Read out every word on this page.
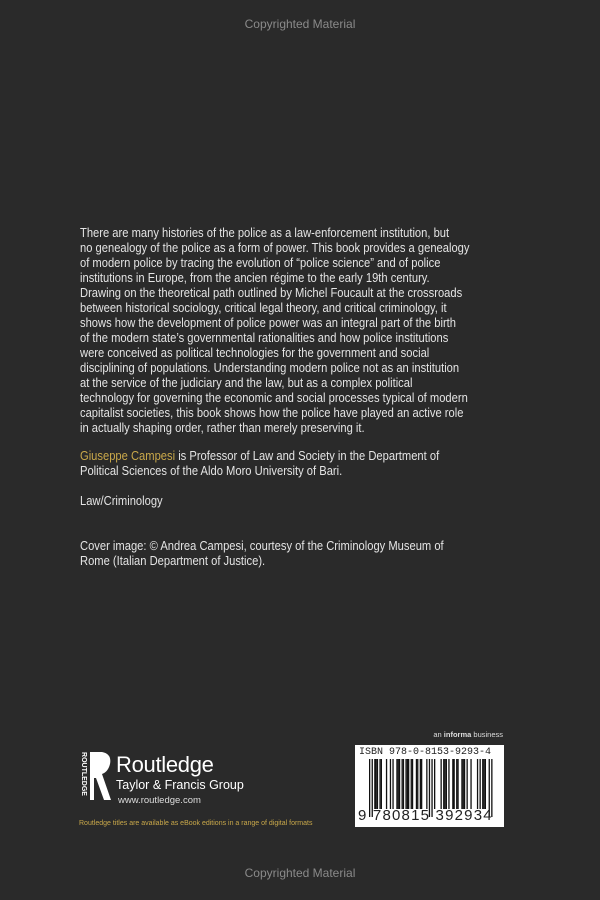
Copyrighted Material
There are many histories of the police as a law-enforcement institution, but
no genealogy of the police as a form of power. This book provides a genealogy
of modern police by tracing the evolution of “police science” and of police
institutions in Europe, from the ancien régime to the early 19th century.
Drawing on the theoretical path outlined by Michel Foucault at the crossroads
between historical sociology, critical legal theory, and critical criminology, it
shows how the development of police power was an integral part of the birth
of the modern state’s governmental rationalities and how police institutions
were conceived as political technologies for the government and social
disciplining of populations. Understanding modern police not as an institution
at the service of the judiciary and the law, but as a complex political
technology for governing the economic and social processes typical of modern
capitalist societies, this book shows how the police have played an active role
in actually shaping order, rather than merely preserving it.
Giuseppe Campesi is Professor of Law and Society in the Department of
Political Sciences of the Aldo Moro University of Bari.
Law/Criminology
Cover image: © Andrea Campesi, courtesy of the Criminology Museum of
Rome (Italian Department of Justice).
ROUTLEDGE Routledge
Taylor & Francis Group
www.routledge.com
Routledge titles are available as eBook editions in a range of digital formats
an informa business
ISBN 978-0-8153-9293-4
9 780815 392934
Copyrighted Material
